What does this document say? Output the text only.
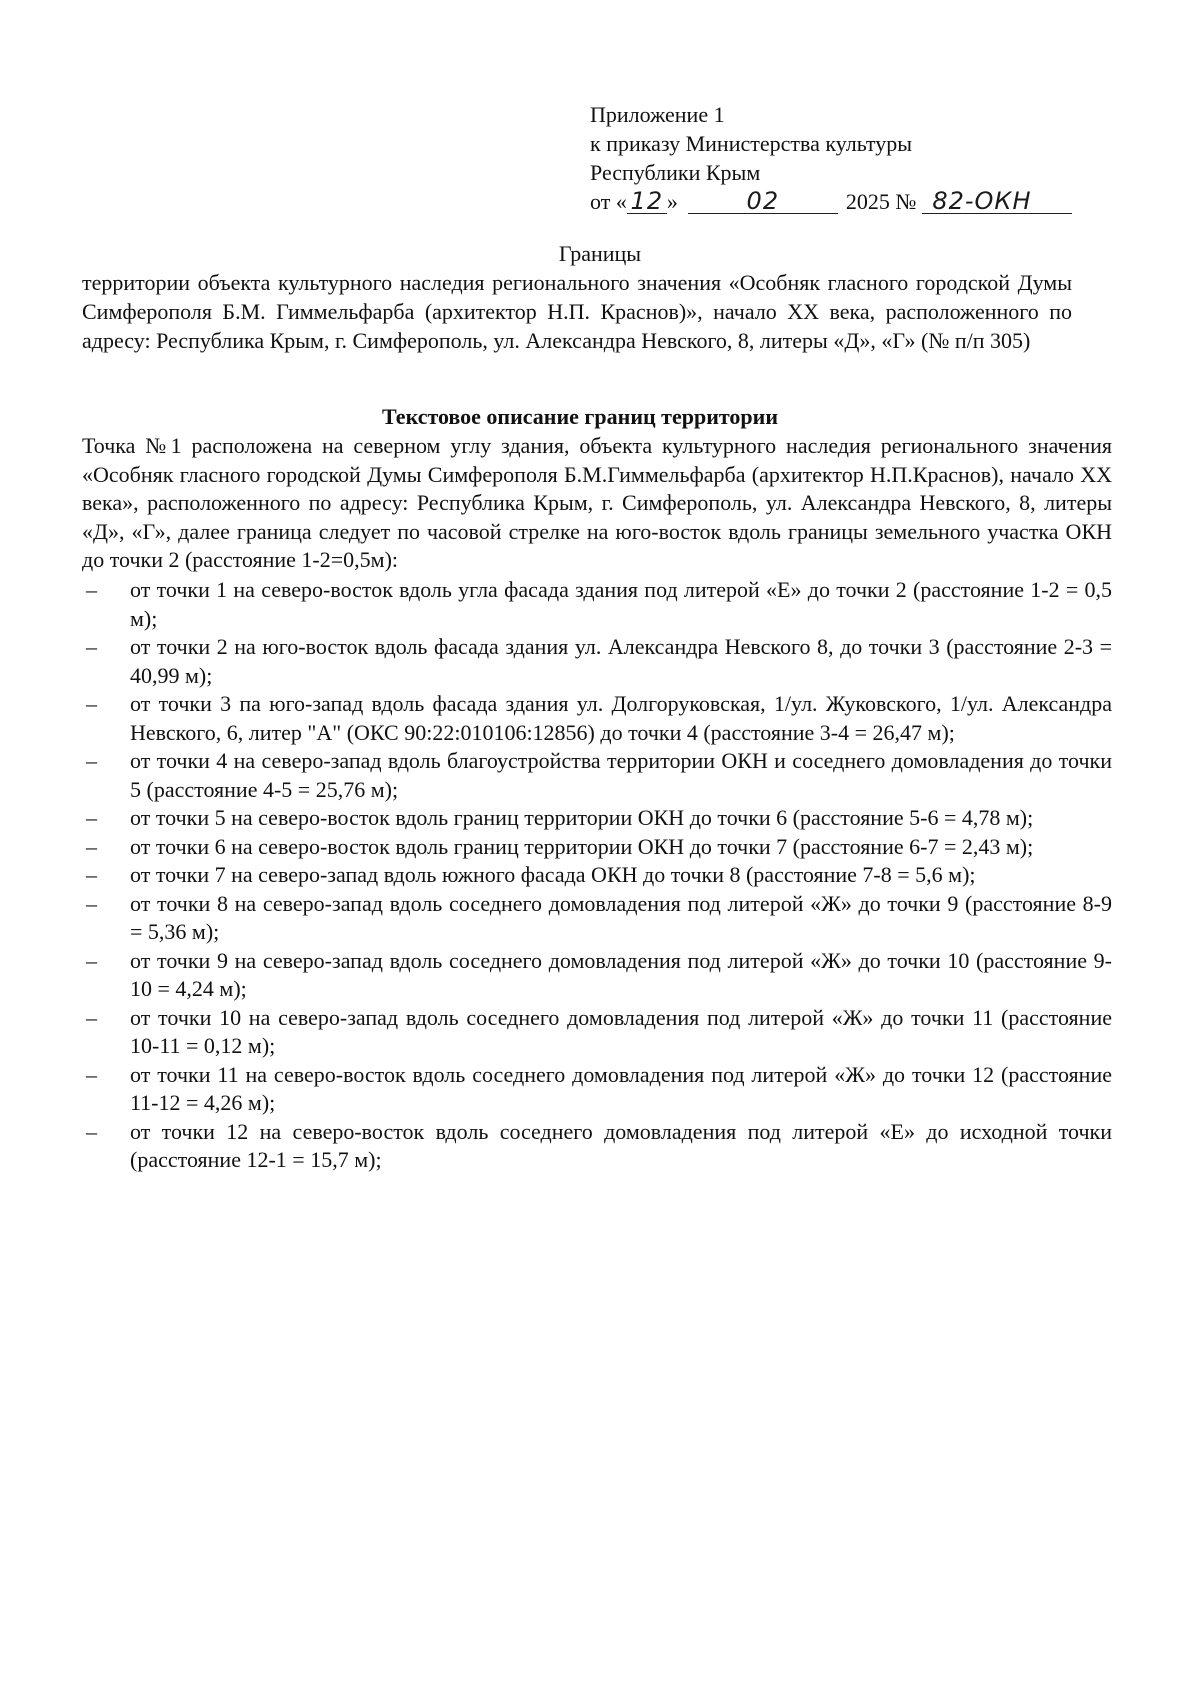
Приложение 1
к приказу Министерства культуры
Республики Крым
от « 12 »	02	2025 № 82-ОКН
Границы
территории объекта культурного наследия регионального значения «Особняк гласного городской Думы Симферополя Б.М. Гиммельфарба (архитектор Н.П. Краснов)», начало ХХ века, расположенного по адресу: Республика Крым, г. Симферополь, ул. Александра Невского, 8, литеры «Д», «Г» (№ п/п 305)
Текстовое описание границ территории
Точка №1 расположена на северном углу здания, объекта культурного наследия регионального значения «Особняк гласного городской Думы Симферополя Б.М.Гиммельфарба (архитектор Н.П.Краснов), начало ХХ века», расположенного по адресу: Республика Крым, г. Симферополь, ул. Александра Невского, 8, литеры «Д», «Г», далее граница следует по часовой стрелке на юго-восток вдоль границы земельного участка ОКН до точки 2 (расстояние 1-2=0,5м):
– от точки 1 на северо-восток вдоль угла фасада здания под литерой «Е» до точки 2 (расстояние 1-2 = 0,5 м);
– от точки 2 на юго-восток вдоль фасада здания ул. Александра Невского 8, до точки 3 (расстояние 2-3 = 40,99 м);
– от точки 3 па юго-запад вдоль фасада здания ул. Долгоруковская, 1/ул. Жуковского, 1/ул. Александра Невского, 6, литер "А" (ОКС 90:22:010106:12856) до точки 4 (расстояние 3-4 = 26,47 м);
– от точки 4 на северо-запад вдоль благоустройства территории ОКН и соседнего домовладения до точки 5 (расстояние 4-5 = 25,76 м);
– от точки 5 на северо-восток вдоль границ территории ОКН до точки 6 (расстояние 5-6 = 4,78 м);
– от точки 6 на северо-восток вдоль границ территории ОКН до точки 7 (расстояние 6-7 = 2,43 м);
– от точки 7 на северо-запад вдоль южного фасада ОКН до точки 8 (расстояние 7-8 = 5,6 м);
– от точки 8 на северо-запад вдоль соседнего домовладения под литерой «Ж» до точки 9 (расстояние 8-9 = 5,36 м);
– от точки 9 на северо-запад вдоль соседнего домовладения под литерой «Ж» до точки 10 (расстояние 9-10 = 4,24 м);
– от точки 10 на северо-запад вдоль соседнего домовладения под литерой «Ж» до точки 11 (расстояние 10-11 = 0,12 м);
– от точки 11 на северо-восток вдоль соседнего домовладения под литерой «Ж» до точки 12 (расстояние 11-12 = 4,26 м);
– от точки 12 на северо-восток вдоль соседнего домовладения под литерой «Е» до исходной точки (расстояние 12-1 = 15,7 м);
